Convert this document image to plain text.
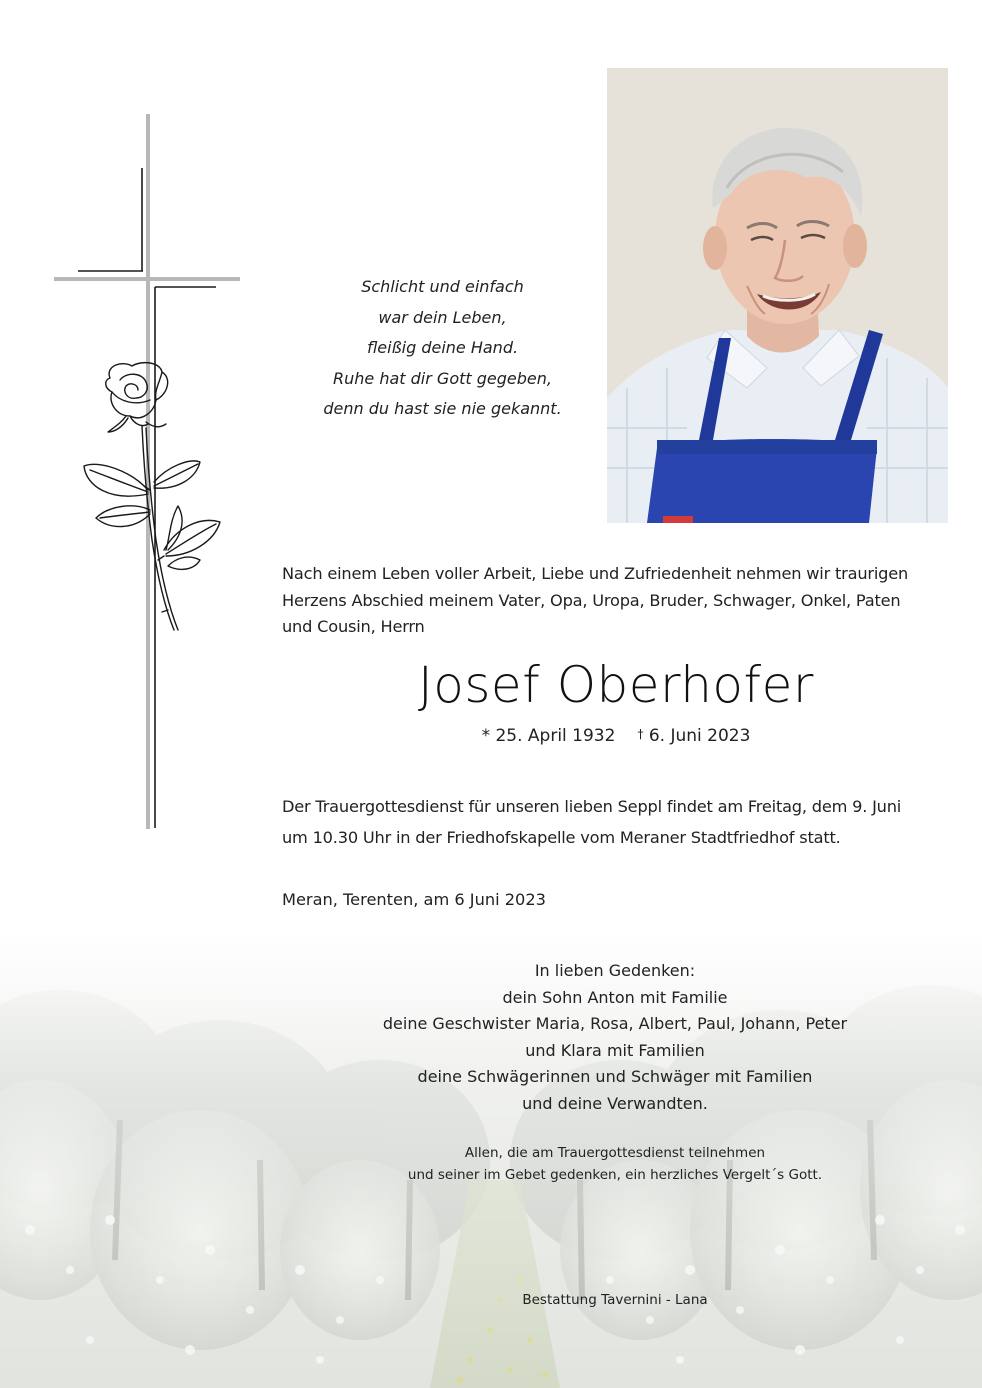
Schlicht und einfach
war dein Leben,
fleißig deine Hand.
Ruhe hat dir Gott gegeben,
denn du hast sie nie gekannt.
Nach einem Leben voller Arbeit, Liebe und Zufriedenheit nehmen wir traurigen
Herzens Abschied meinem Vater, Opa, Uropa, Bruder, Schwager, Onkel, Paten
und Cousin, Herrn
Josef Oberhofer
* 25. April 1932 † 6. Juni 2023
Der Trauergottesdienst für unseren lieben Seppl findet am Freitag, dem 9. Juni
um 10.30 Uhr in der Friedhofskapelle vom Meraner Stadtfriedhof statt.
Meran, Terenten, am 6 Juni 2023
In lieben Gedenken:
dein Sohn Anton mit Familie
deine Geschwister Maria, Rosa, Albert, Paul, Johann, Peter
und Klara mit Familien
deine Schwägerinnen und Schwäger mit Familien
und deine Verwandten.
Allen, die am Trauergottesdienst teilnehmen
und seiner im Gebet gedenken, ein herzliches Vergelt´s Gott.
Bestattung Tavernini - Lana
